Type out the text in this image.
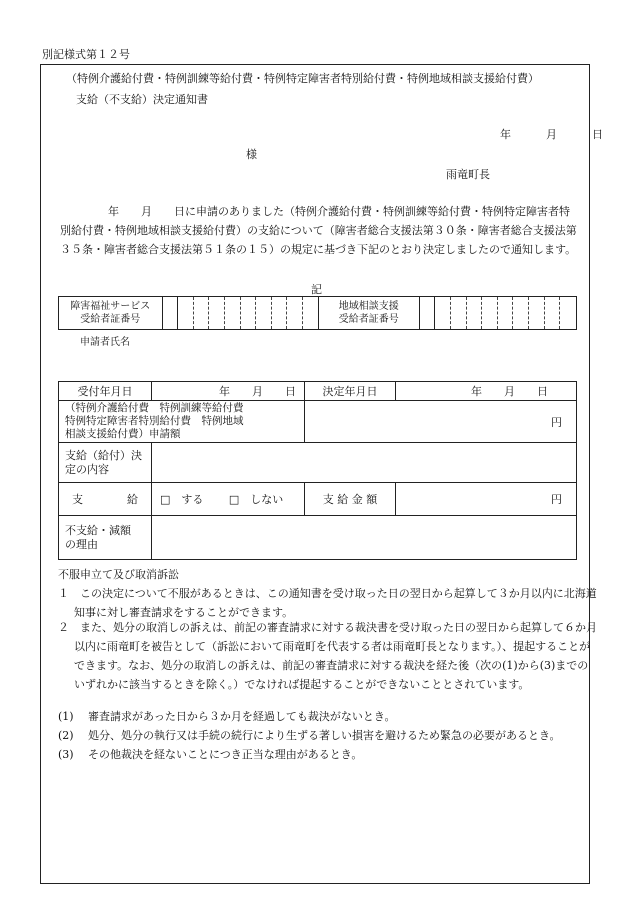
別記様式第１２号
（特例介護給付費・特例訓練等給付費・特例特定障害者特別給付費・特例地域相談支援給付費）
支給（不支給）決定通知書
年	月	日
様
雨竜町長
年　　月　　日に申請のありました（特例介護給付費・特例訓練等給付費・特例特定障害者特別給付費・特例地域相談支援給付費）の支給について（障害者総合支援法第３０条・障害者総合支援法第３５条・障害者総合支援法第５１条の１５）の規定に基づき下記のとおり決定しましたので通知します。
記
障害福祉サービス
受給者証番号

地域相談支援
受給者証番号

申請者氏名
受付年月日	年　　月　　日	決定年月日	年　　月　　日

（特例介護給付費　特例訓練等給付費
特例特定障害者特別給付費　特例地域
相談支援給付費）申請額		円	

支給（給付）決
定の内容			

支　　　　給	□　する □　しない	支 給 金 額	円

不支給・減額
の理由			

不服申立て及び取消訴訟
１　この決定について不服があるときは、この通知書を受け取った日の翌日から起算して３か月以内に北海道知事に対し審査請求をすることができます。
２　また、処分の取消しの訴えは、前記の審査請求に対する裁決書を受け取った日の翌日から起算して６か月以内に雨竜町を被告として（訴訟において雨竜町を代表する者は雨竜町長となります。）、提起することができます。なお、処分の取消しの訴えは、前記の審査請求に対する裁決を経た後（次の(1)から(3)までのいずれかに該当するときを除く。）でなければ提起することができないこととされています。
(1) 審査請求があった日から３か月を経過しても裁決がないとき。
(2) 処分、処分の執行又は手続の続行により生ずる著しい損害を避けるため緊急の必要があるとき。
(3) その他裁決を経ないことにつき正当な理由があるとき。
